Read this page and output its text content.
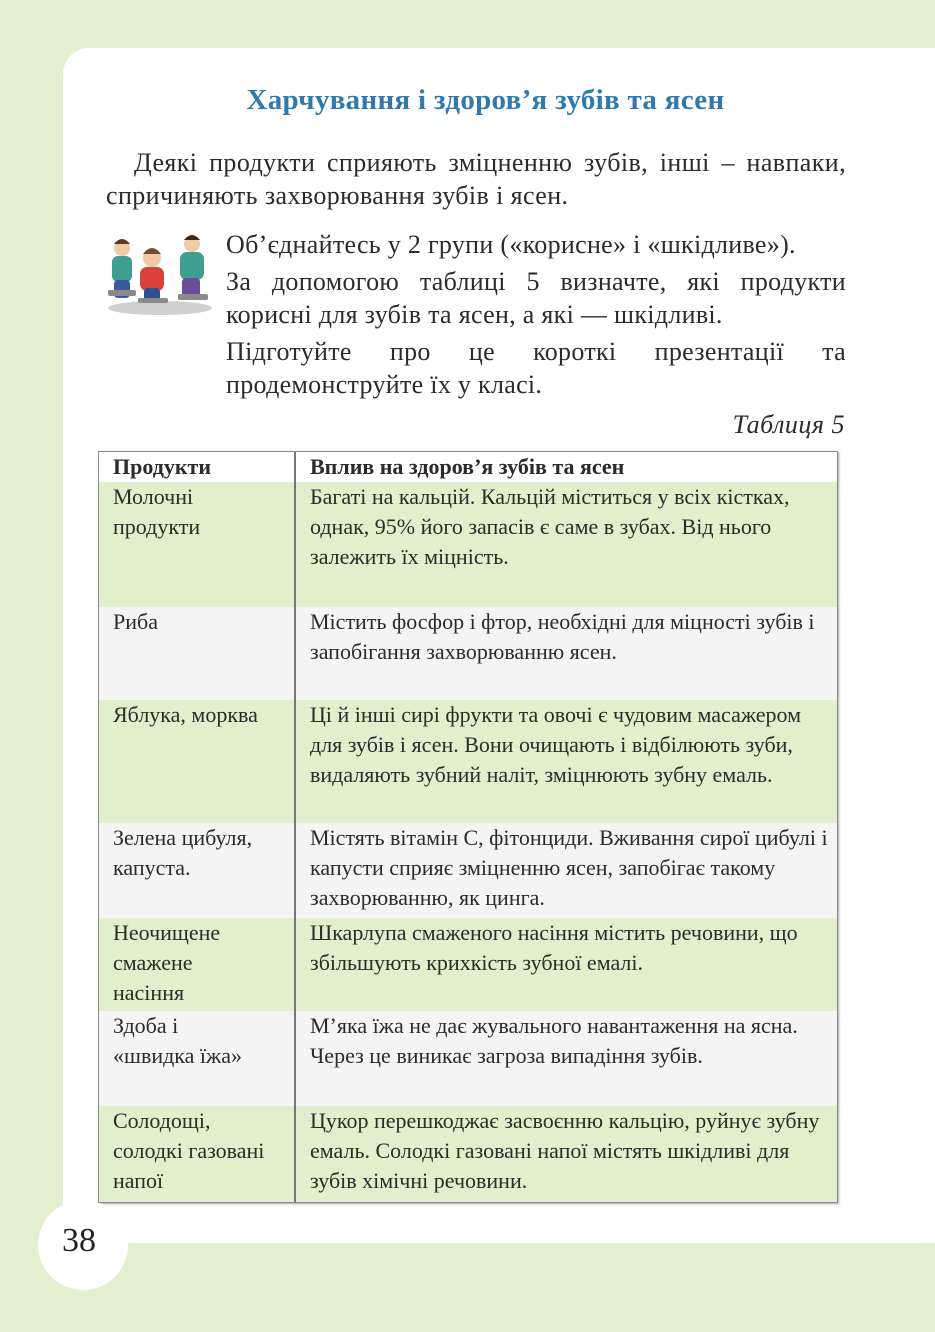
Харчування і здоров’я зубів та ясен
Деякі продукти сприяють зміцненню зубів, інші – навпаки, спричиняють захворювання зубів і ясен.

Об’єднайтесь у 2 групи («корисне» і «шкідливе»).

За допомогою таблиці 5 визначте, які продукти корисні для зубів та ясен, а які — шкідливі.

Підготуйте про це короткі презентації та продемонструйте їх у класі.

Таблиця 5
Продукти	Вплив на здоров’я зубів та ясен

Молочні
продукти	Багаті на кальцій. Кальцій міститься у всіх кістках, однак, 95% його запасів є саме в зубах. Від нього залежить їх міцність.

Риба	Містить фосфор і фтор, необхідні для міцності зубів і запобігання захворюванню ясен.

Яблука, морква	Ці й інші сирі фрукти та овочі є чудовим масажером для зубів і ясен. Вони очищають і відбілюють зуби, видаляють зубний наліт, зміцнюють зубну емаль.

Зелена цибуля,
капуста.	Містять вітамін С, фітонциди. Вживання сирої цибулі і капусти сприяє зміцненню ясен, запобігає такому захворюванню, як цинга.

Неочищене
смажене
насіння	Шкарлупа смаженого насіння містить речовини, що збільшують крихкість зубної емалі.

Здоба і
«швидка їжа»	М’яка їжа не дає жувального навантаження на ясна. Через це виникає загроза випадіння зубів.

Солодощі,
солодкі газовані
напої	Цукор перешкоджає засвоєнню кальцію, руйнує зубну емаль. Солодкі газовані напої містять шкідливі для зубів хімічні речовини.
38
